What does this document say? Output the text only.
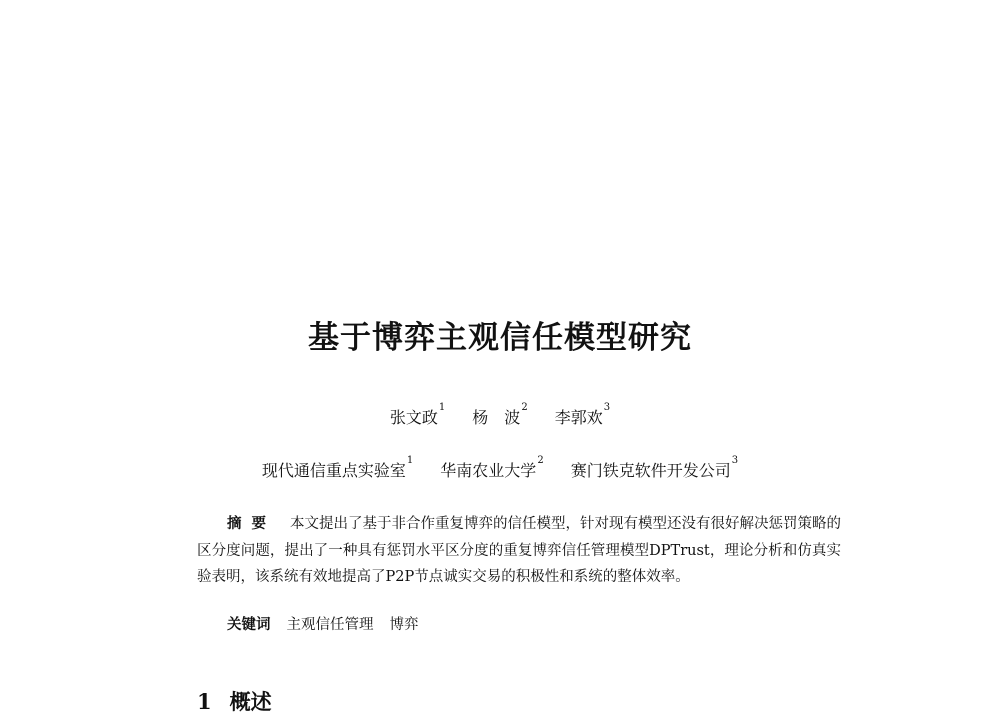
基于博弈主观信任模型研究
张文政$^1$ 杨　波$^2$ 李郭欢$^3$
现代通信重点实验室$^1$ 华南农业大学$^2$ 赛门铁克软件开发公司$^3$

摘要 本文提出了基于非合作重复博弈的信任模型，针对现有模型还没有很好解决惩罚策略的区分度问题，提出了一种具有惩罚水平区分度的重复博弈信任管理模型DPTrust，理论分析和仿真实验表明，该系统有效地提高了P2P节点诚实交易的积极性和系统的整体效率。

关键词 主观信任管理 博弈
1 概述
